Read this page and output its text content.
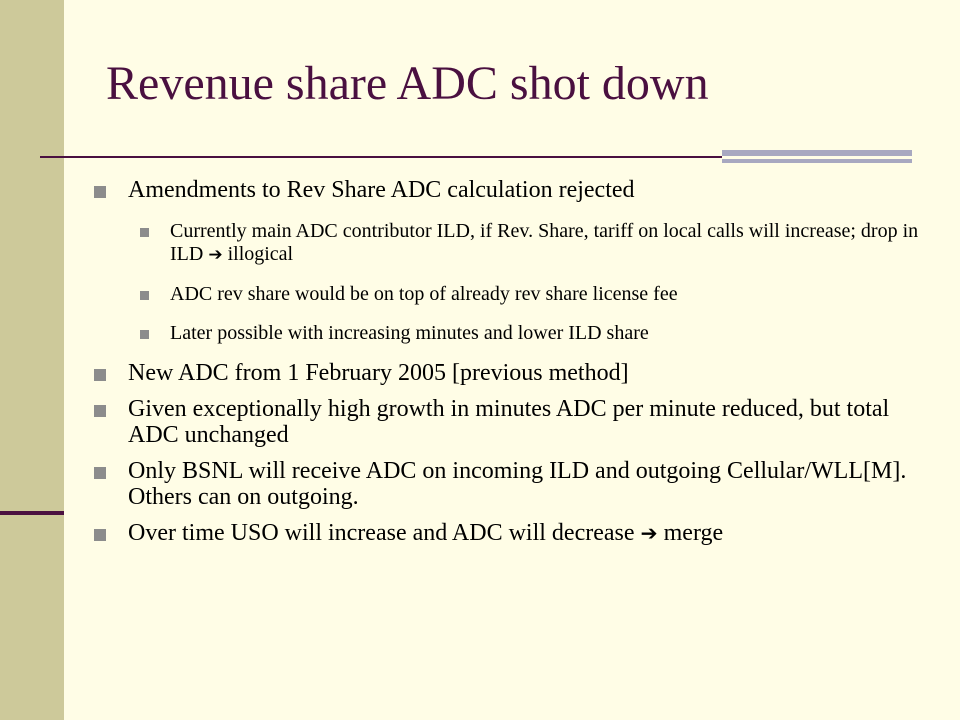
Revenue share ADC shot down
Amendments to Rev Share ADC calculation rejected
Currently main ADC contributor ILD, if Rev. Share, tariff on local calls will increase; drop in ILD ➔ illogical
ADC rev share would be on top of already rev share license fee
Later possible with increasing minutes and lower ILD share
New ADC from 1 February 2005 [previous method]
Given exceptionally high growth in minutes ADC per minute reduced, but total ADC unchanged
Only BSNL will receive ADC on incoming ILD and outgoing Cellular/WLL[M]. Others can on outgoing.
Over time USO will increase and ADC will decrease ➔ merge
